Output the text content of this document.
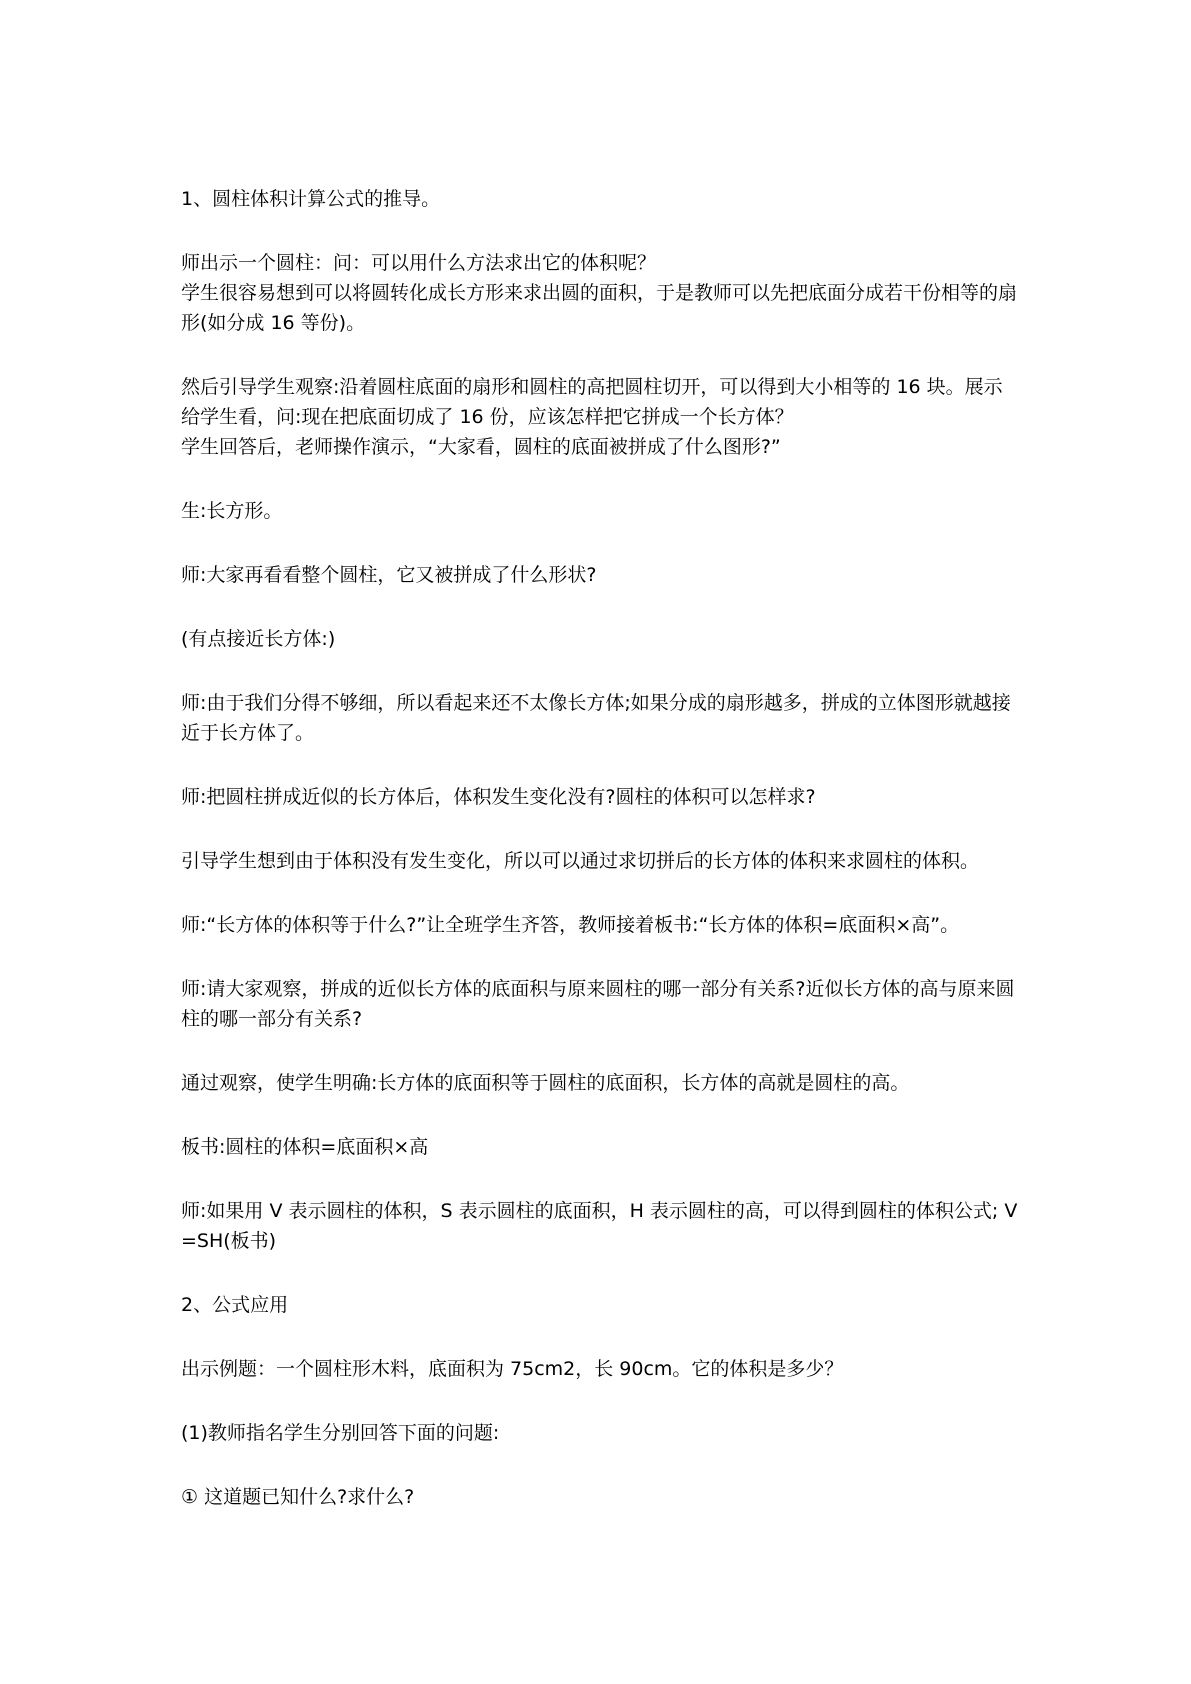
1、圆柱体积计算公式的推导。

师出示一个圆柱：问：可以用什么方法求出它的体积呢？

学生很容易想到可以将圆转化成长方形来求出圆的面积，于是教师可以先把底面分成若干份相等的扇形(如分成 16 等份)。

然后引导学生观察:沿着圆柱底面的扇形和圆柱的高把圆柱切开，可以得到大小相等的 16 块。展示给学生看，问:现在把底面切成了 16 份，应该怎样把它拼成一个长方体？

学生回答后，老师操作演示，“大家看，圆柱的底面被拼成了什么图形?”

生:长方形。

师:大家再看看整个圆柱，它又被拼成了什么形状?

(有点接近长方体:)

师:由于我们分得不够细，所以看起来还不太像长方体;如果分成的扇形越多，拼成的立体图形就越接近于长方体了。

师:把圆柱拼成近似的长方体后，体积发生变化没有?圆柱的体积可以怎样求?

引导学生想到由于体积没有发生变化，所以可以通过求切拼后的长方体的体积来求圆柱的体积。

师:“长方体的体积等于什么?”让全班学生齐答，教师接着板书:“长方体的体积=底面积×高”。

师:请大家观察，拼成的近似长方体的底面积与原来圆柱的哪一部分有关系?近似长方体的高与原来圆柱的哪一部分有关系?

通过观察，使学生明确:长方体的底面积等于圆柱的底面积，长方体的高就是圆柱的高。

板书:圆柱的体积=底面积×高

师:如果用 V 表示圆柱的体积，S 表示圆柱的底面积，H 表示圆柱的高，可以得到圆柱的体积公式; V=SH(板书)

2、公式应用

出示例题：一个圆柱形木料，底面积为 75cm2，长 90cm。它的体积是多少？

(1)教师指名学生分别回答下面的问题:

① 这道题已知什么?求什么?
